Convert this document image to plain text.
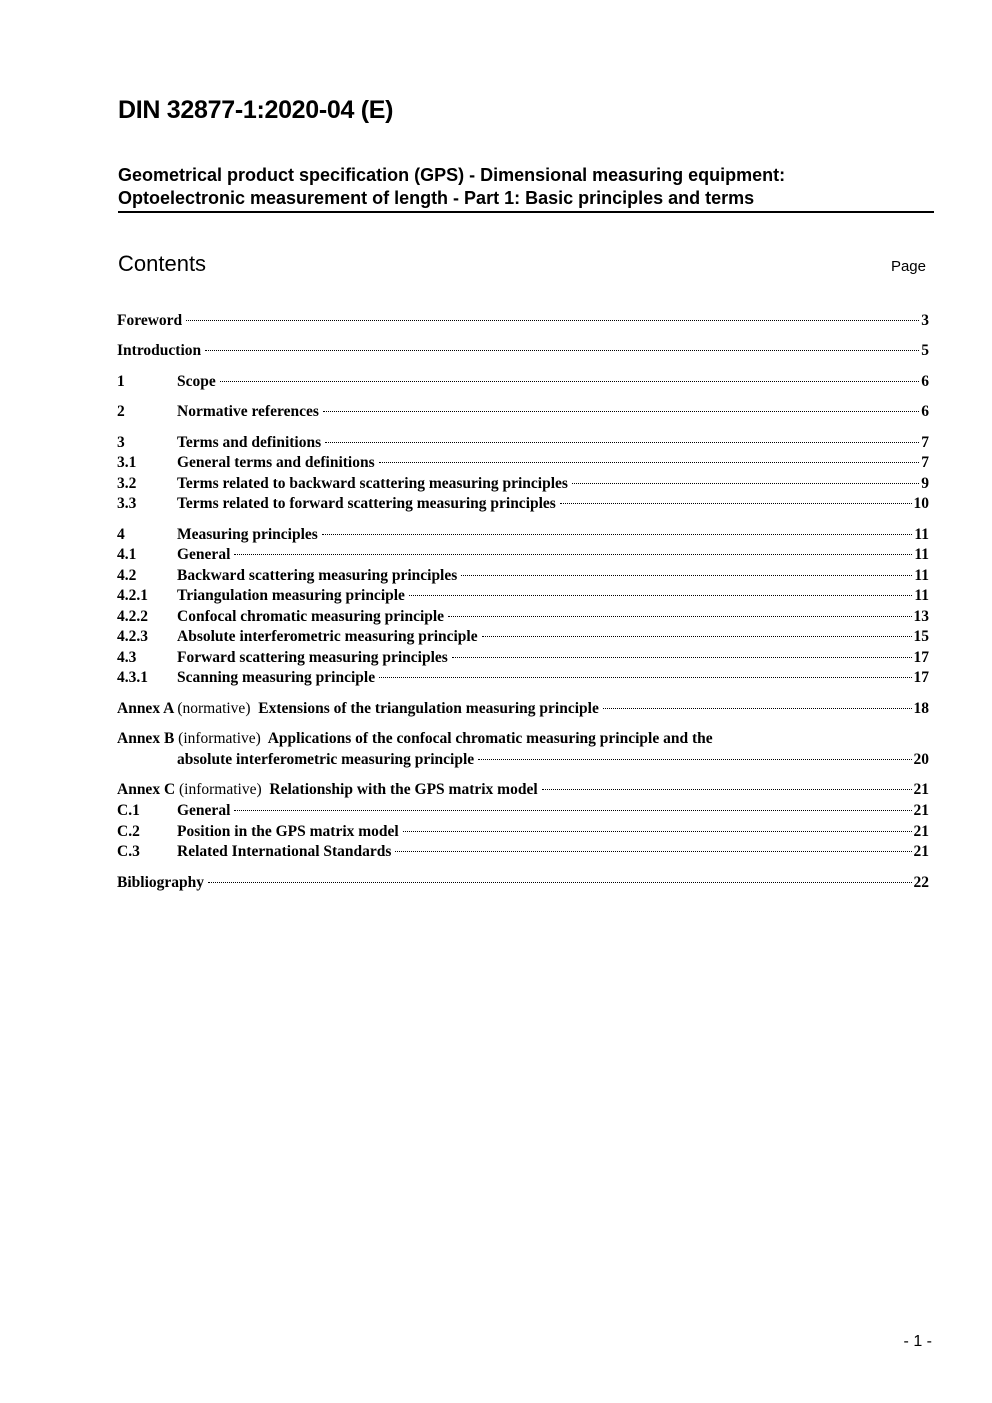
DIN 32877-1:2020-04 (E)
Geometrical product specification (GPS) - Dimensional measuring equipment:
Optoelectronic measurement of length - Part 1: Basic principles and terms
Contents	Page
Foreword	3
Introduction	5
1	Scope	6
2	Normative references	6
3	Terms and definitions	7
3.1	General terms and definitions	7
3.2	Terms related to backward scattering measuring principles	9
3.3	Terms related to forward scattering measuring principles	10
4	Measuring principles	11
4.1	General	11
4.2	Backward scattering measuring principles	11
4.2.1 Triangulation measuring principle	11
4.2.2 Confocal chromatic measuring principle	13
4.2.3 Absolute interferometric measuring principle	15
4.3	Forward scattering measuring principles	17
4.3.1 Scanning measuring principle	17
Annex A (normative) Extensions of the triangulation measuring principle	18
Annex B (informative) Applications of the confocal chromatic measuring principle and the
absolute interferometric measuring principle	20
Annex C (informative) Relationship with the GPS matrix model	21
C.1 General	21
C.2 Position in the GPS matrix model	21
C.3 Related International Standards	21
Bibliography	22
- 1 -
